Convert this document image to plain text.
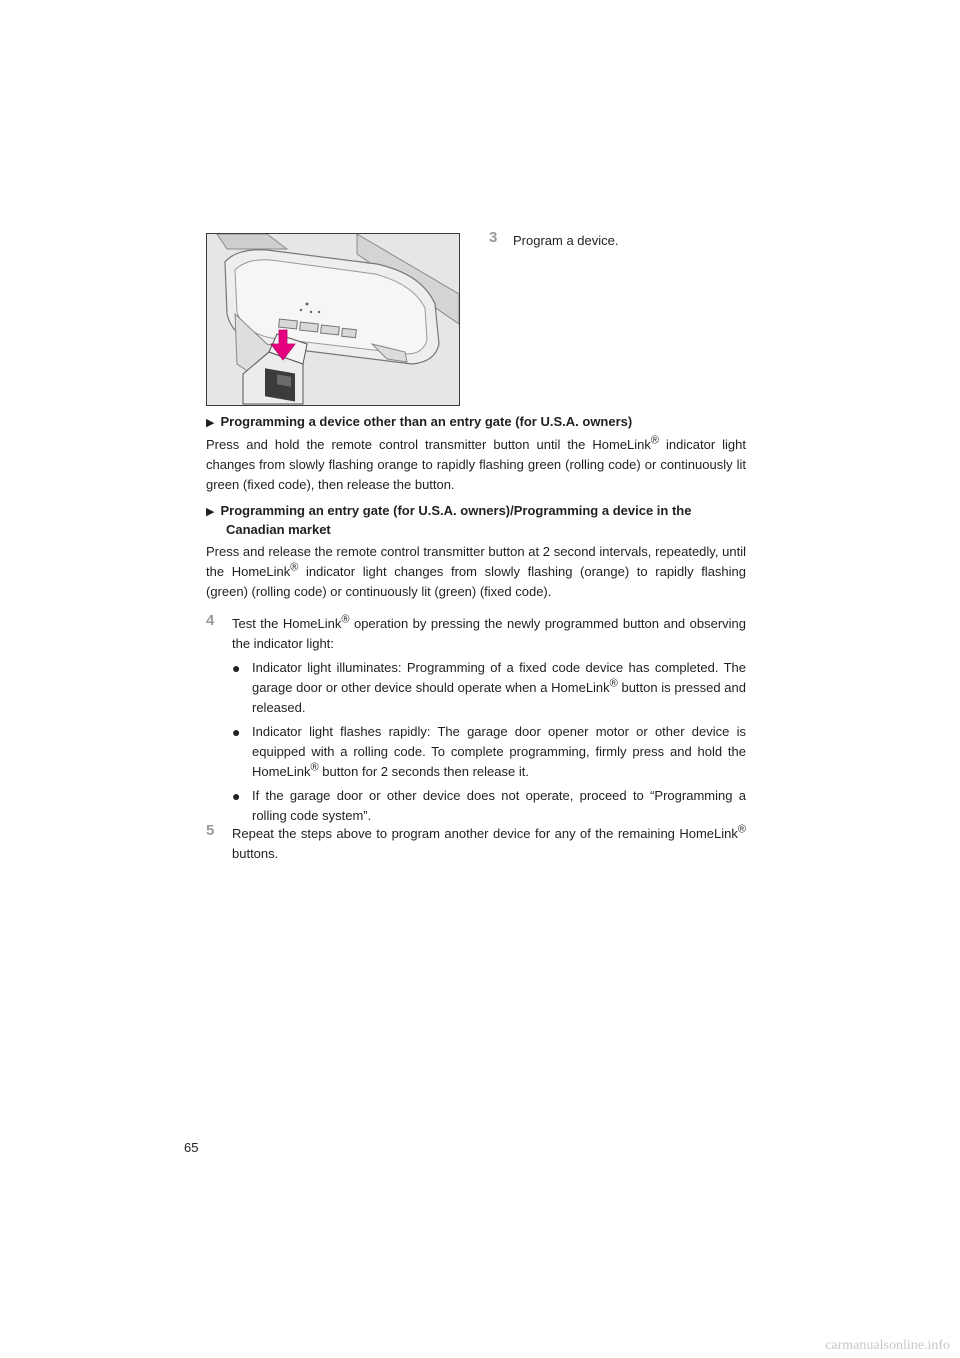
3 Program a device.
▶ Programming a device other than an entry gate (for U.S.A. owners)
Press and hold the remote control transmitter button until the HomeLink® indicator light changes from slowly flashing orange to rapidly flashing green (rolling code) or continuously lit green (fixed code), then release the button.
▶ Programming an entry gate (for U.S.A. owners)/Programming a device in the Canadian market
Press and release the remote control transmitter button at 2 second intervals, repeatedly, until the HomeLink® indicator light changes from slowly flashing (orange) to rapidly flashing (green) (rolling code) or continuously lit (green) (fixed code).
4 Test the HomeLink® operation by pressing the newly programmed button and observing the indicator light:
● Indicator light illuminates: Programming of a fixed code device has completed. The garage door or other device should operate when a HomeLink® button is pressed and released.
● Indicator light flashes rapidly: The garage door opener motor or other device is equipped with a rolling code. To complete programming, firmly press and hold the HomeLink® button for 2 seconds then release it.
● If the garage door or other device does not operate, proceed to “Programming a rolling code system”.
5 Repeat the steps above to program another device for any of the remaining HomeLink® buttons.
65
carmanualsonline.info
